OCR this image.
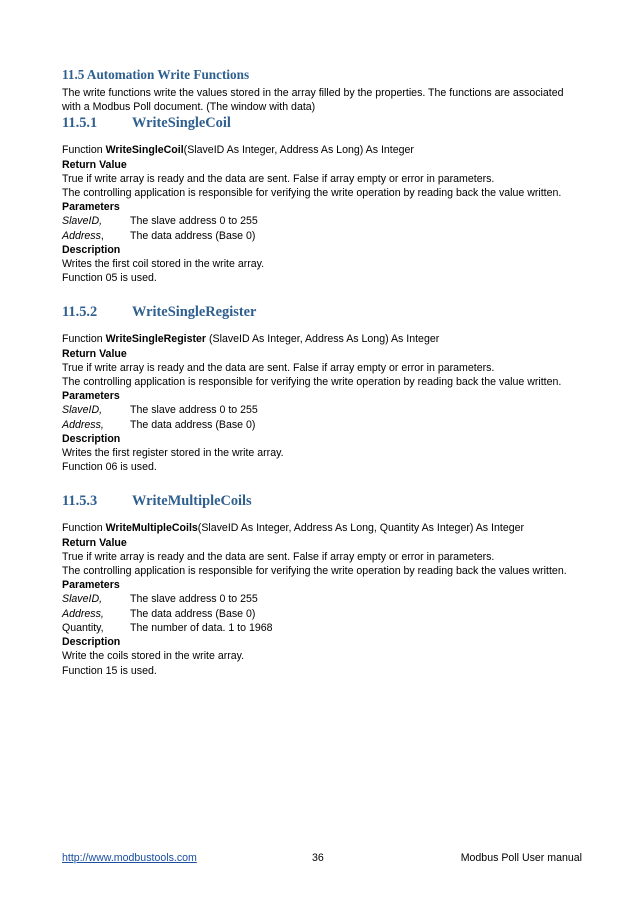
11.5 Automation Write Functions

The write functions write the values stored in the array filled by the properties. The functions are associated with a Modbus Poll document. (The window with data)

11.5.1	WriteSingleCoil

Function WriteSingleCoil(SlaveID As Integer, Address As Long) As Integer

Return Value

True if write array is ready and the data are sent. False if array empty or error in parameters.

The controlling application is responsible for verifying the write operation by reading back the value written.

Parameters

SlaveID,	The slave address 0 to 255
Address,	The data address (Base 0)

Description

Writes the first coil stored in the write array.

Function 05 is used.

11.5.2	WriteSingleRegister

Function WriteSingleRegister (SlaveID As Integer, Address As Long) As Integer

Return Value

True if write array is ready and the data are sent. False if array empty or error in parameters.

The controlling application is responsible for verifying the write operation by reading back the value written.

Parameters

SlaveID,	The slave address 0 to 255
Address,	The data address (Base 0)

Description

Writes the first register stored in the write array.

Function 06 is used.

11.5.3	WriteMultipleCoils

Function WriteMultipleCoils(SlaveID As Integer, Address As Long, Quantity As Integer) As Integer

Return Value

True if write array is ready and the data are sent. False if array empty or error in parameters.

The controlling application is responsible for verifying the write operation by reading back the values written.

Parameters

SlaveID,	The slave address 0 to 255
Address,	The data address (Base 0)
Quantity,	The number of data. 1 to 1968

Description

Write the coils stored in the write array.

Function 15 is used.

http://www.modbustools.com	36	Modbus Poll User manual
